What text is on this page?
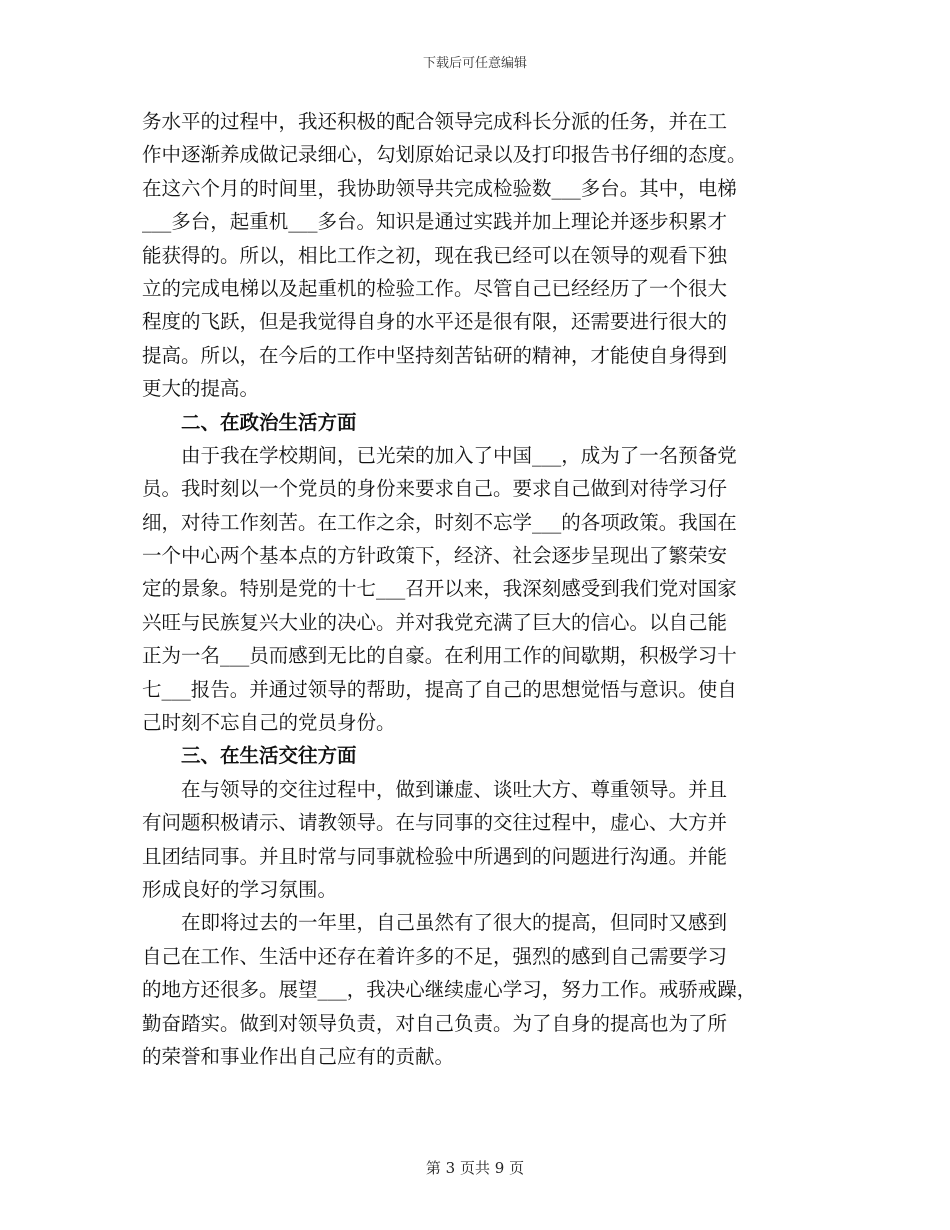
下载后可任意编辑
务水平的过程中，我还积极的配合领导完成科长分派的任务，并在工
作中逐渐养成做记录细心，勾划原始记录以及打印报告书仔细的态度。
在这六个月的时间里，我协助领导共完成检验数___多台。其中，电梯
___多台，起重机___多台。知识是通过实践并加上理论并逐步积累才
能获得的。所以，相比工作之初，现在我已经可以在领导的观看下独
立的完成电梯以及起重机的检验工作。尽管自己已经经历了一个很大
程度的飞跃，但是我觉得自身的水平还是很有限，还需要进行很大的
提高。所以，在今后的工作中坚持刻苦钻研的精神，才能使自身得到
更大的提高。
　　二、在政治生活方面
　　由于我在学校期间，已光荣的加入了中国___，成为了一名预备党
员。我时刻以一个党员的身份来要求自己。要求自己做到对待学习仔
细，对待工作刻苦。在工作之余，时刻不忘学___的各项政策。我国在
一个中心两个基本点的方针政策下，经济、社会逐步呈现出了繁荣安
定的景象。特别是党的十七___召开以来，我深刻感受到我们党对国家
兴旺与民族复兴大业的决心。并对我党充满了巨大的信心。以自己能
正为一名___员而感到无比的自豪。在利用工作的间歇期，积极学习十
七___报告。并通过领导的帮助，提高了自己的思想觉悟与意识。使自
己时刻不忘自己的党员身份。
　　三、在生活交往方面
　　在与领导的交往过程中，做到谦虚、谈吐大方、尊重领导。并且
有问题积极请示、请教领导。在与同事的交往过程中，虚心、大方并
且团结同事。并且时常与同事就检验中所遇到的问题进行沟通。并能
形成良好的学习氛围。
　　在即将过去的一年里，自己虽然有了很大的提高，但同时又感到
自己在工作、生活中还存在着许多的不足，强烈的感到自己需要学习
的地方还很多。展望___，我决心继续虚心学习，努力工作。戒骄戒躁，
勤奋踏实。做到对领导负责，对自己负责。为了自身的提高也为了所
的荣誉和事业作出自己应有的贡献。
第 3 页共 9 页
